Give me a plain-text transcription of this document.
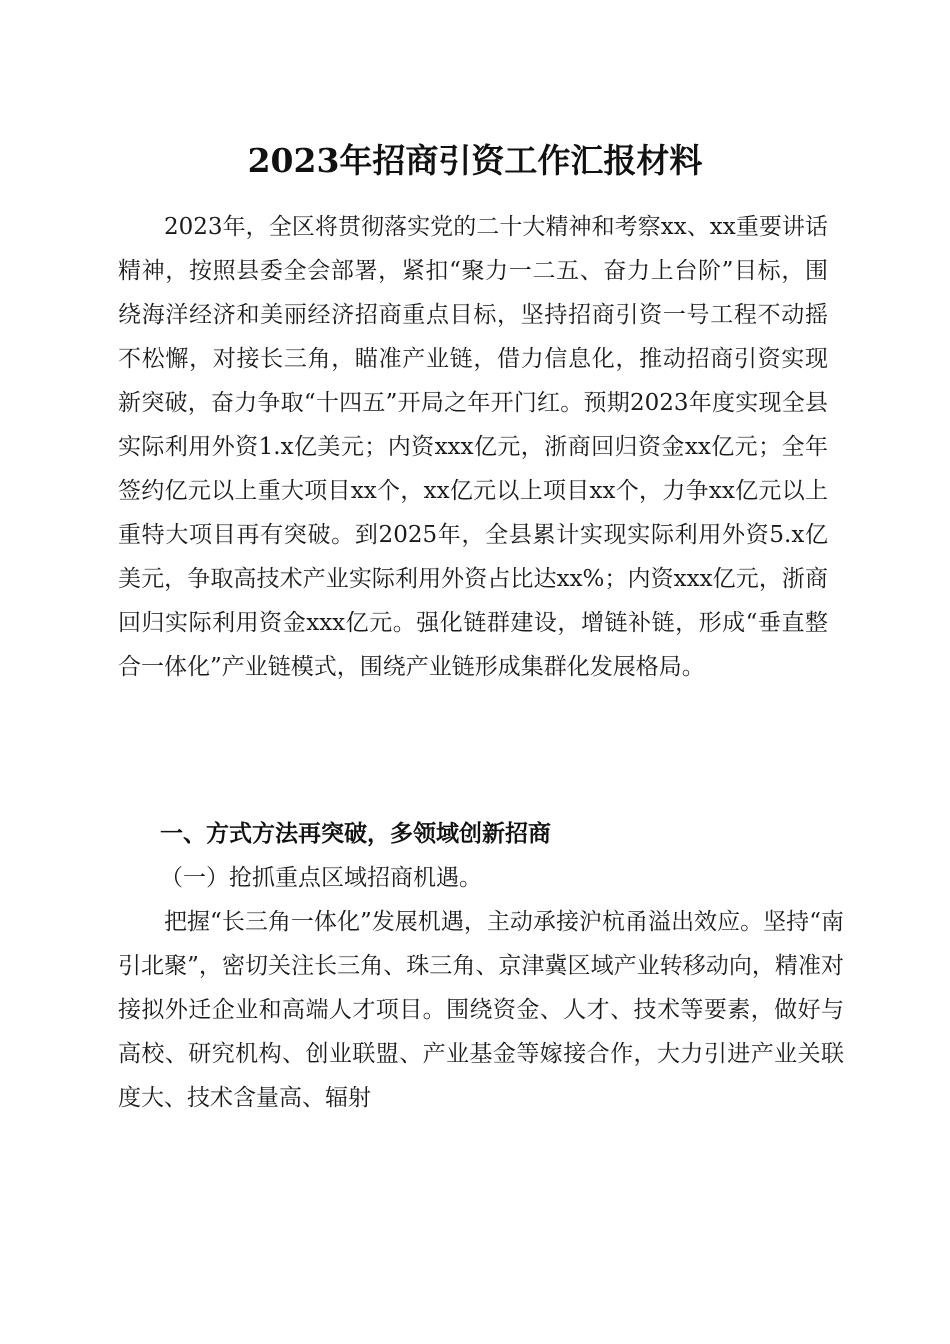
2023年招商引资工作汇报材料

2023年，全区将贯彻落实党的二十大精神和考察xx、xx重要讲话精神，按照县委全会部署，紧扣“聚力一二五、奋力上台阶”目标，围绕海洋经济和美丽经济招商重点目标，坚持招商引资一号工程不动摇不松懈，对接长三角，瞄准产业链，借力信息化，推动招商引资实现新突破，奋力争取“十四五”开局之年开门红。预期2023年度实现全县实际利用外资1.x亿美元；内资xxx亿元，浙商回归资金xx亿元；全年签约亿元以上重大项目xx个，xx亿元以上项目xx个，力争xx亿元以上重特大项目再有突破。到2025年，全县累计实现实际利用外资5.x亿美元，争取高技术产业实际利用外资占比达xx%；内资xxx亿元，浙商回归实际利用资金xxx亿元。强化链群建设，增链补链，形成“垂直整合一体化”产业链模式，围绕产业链形成集群化发展格局。

一、方式方法再突破，多领域创新招商
（一）抢抓重点区域招商机遇。

把握“长三角一体化”发展机遇，主动承接沪杭甬溢出效应。坚持“南引北聚”，密切关注长三角、珠三角、京津冀区域产业转移动向，精准对接拟外迁企业和高端人才项目。围绕资金、人才、技术等要素，做好与高校、研究机构、创业联盟、产业基金等嫁接合作，大力引进产业关联度大、技术含量高、辐射
